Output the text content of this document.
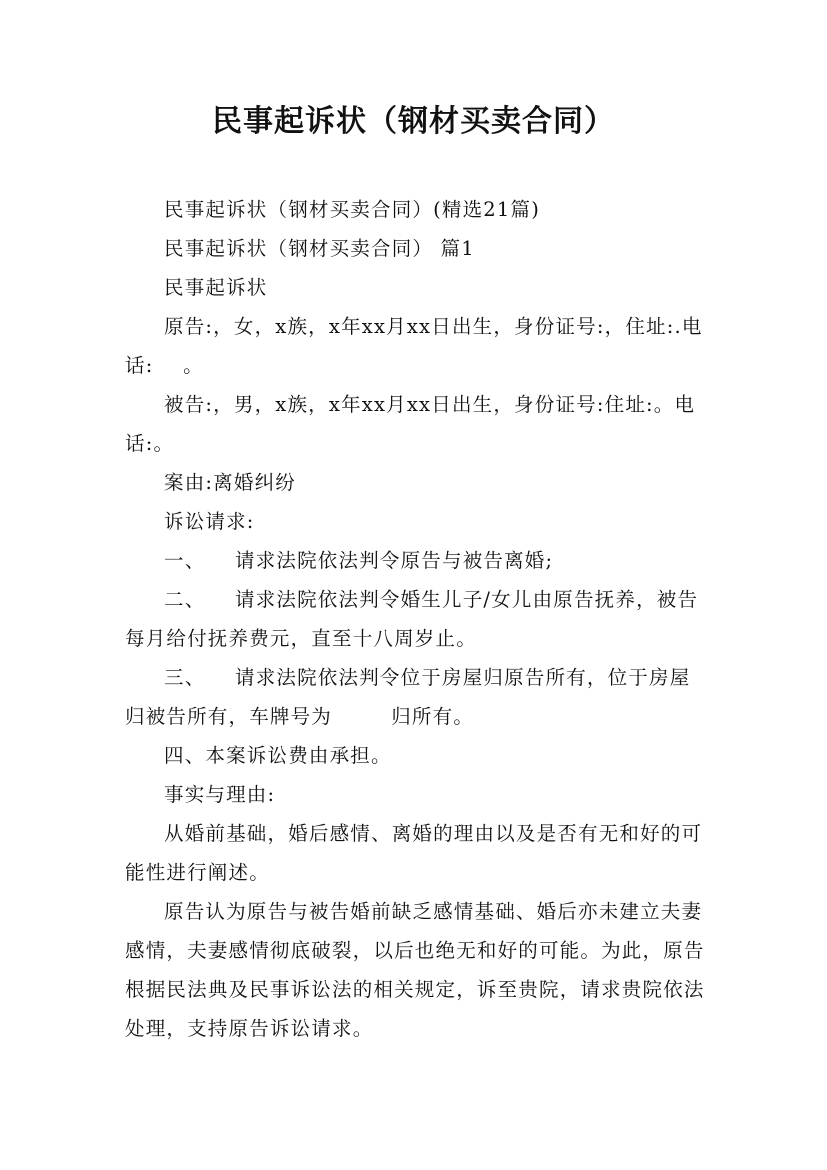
民事起诉状（钢材买卖合同）

民事起诉状（钢材买卖合同）(精选21篇)

民事起诉状（钢材买卖合同） 篇1

民事起诉状

原告:，女，x族，x年xx月xx日出生，身份证号:，住址:.电话:    。

被告:，男，x族，x年xx月xx日出生，身份证号:住址:。电话:。

案由:离婚纠纷

诉讼请求:

一、    请求法院依法判令原告与被告离婚;

二、    请求法院依法判令婚生儿子/女儿由原告抚养，被告每月给付抚养费元，直至十八周岁止。

三、    请求法院依法判令位于房屋归原告所有，位于房屋归被告所有，车牌号为        归所有。

四、本案诉讼费由承担。

事实与理由:

从婚前基础，婚后感情、离婚的理由以及是否有无和好的可能性进行阐述。

原告认为原告与被告婚前缺乏感情基础、婚后亦未建立夫妻感情，夫妻感情彻底破裂，以后也绝无和好的可能。为此，原告根据民法典及民事诉讼法的相关规定，诉至贵院，请求贵院依法处理，支持原告诉讼请求。
